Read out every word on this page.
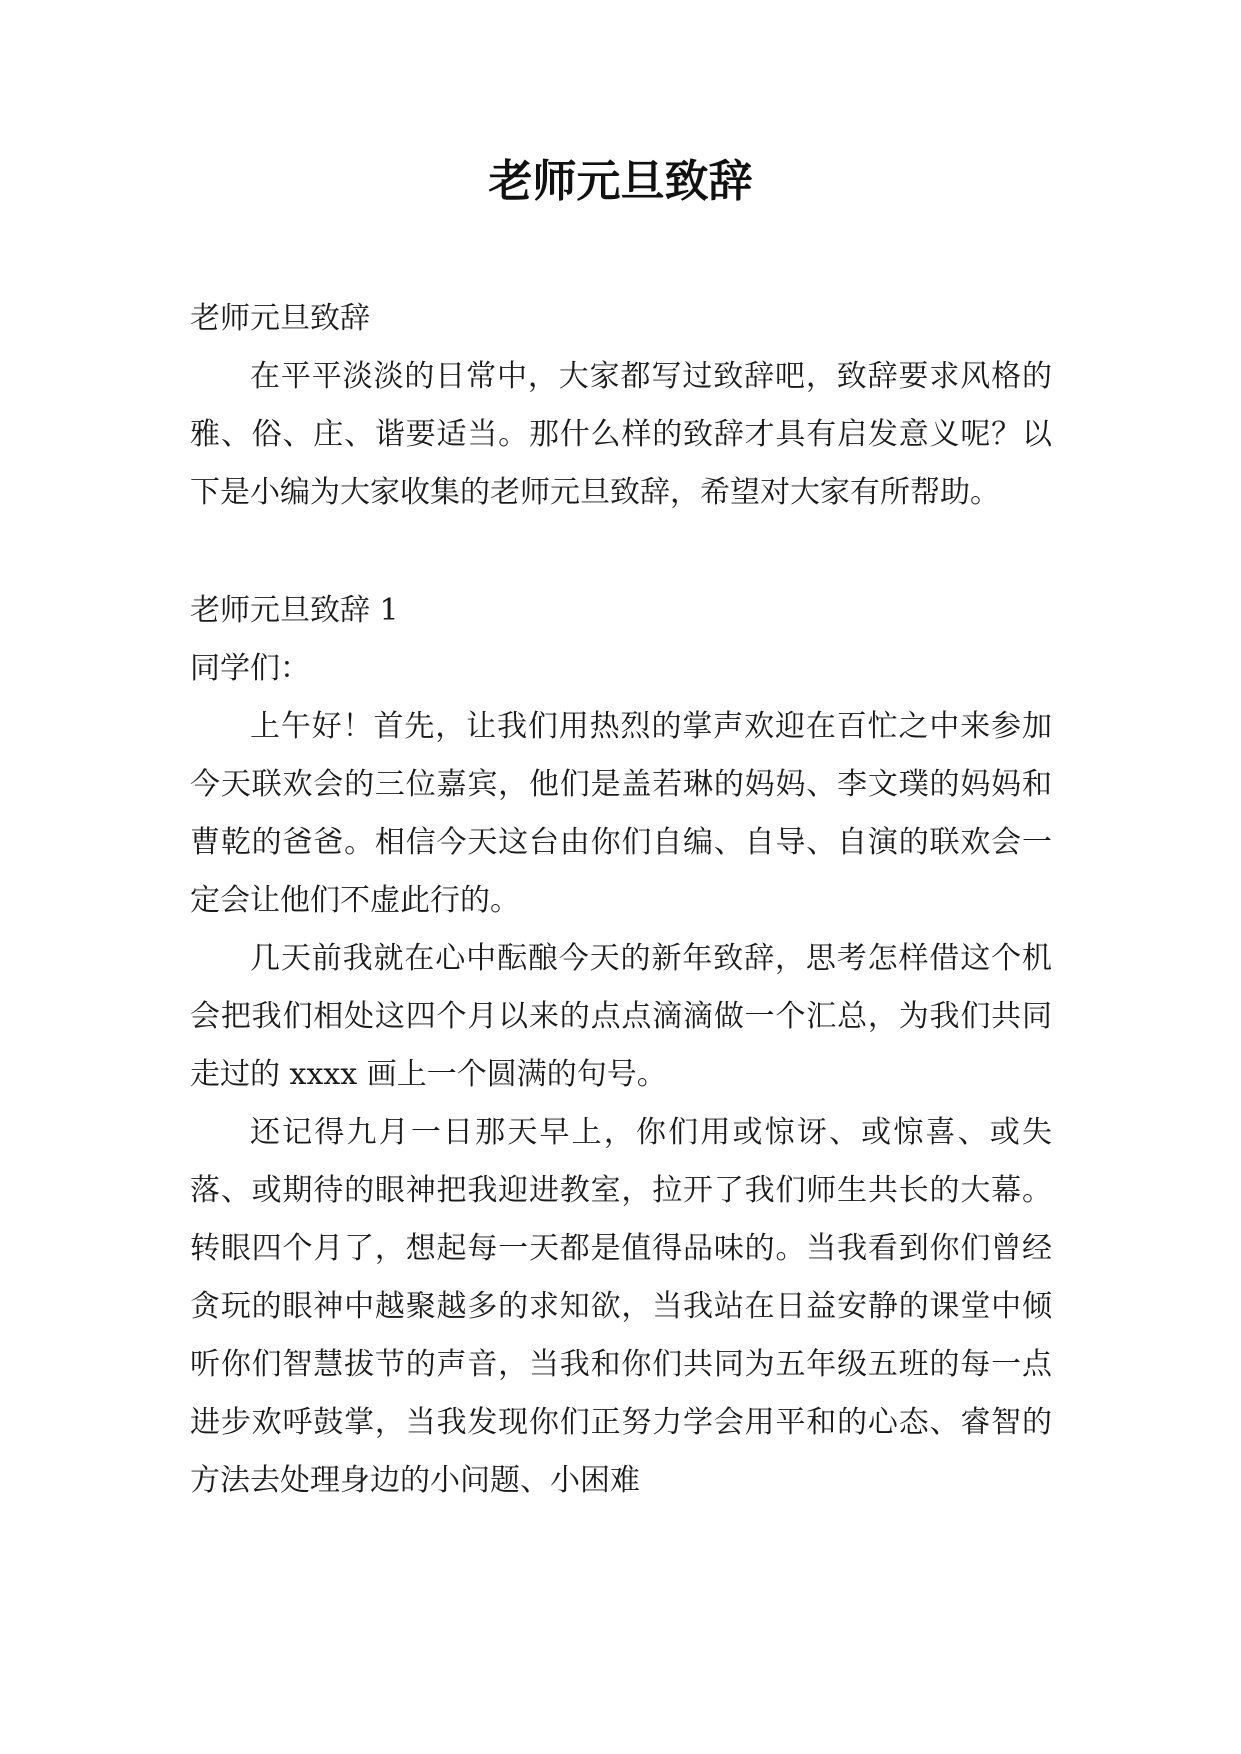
老师元旦致辞

老师元旦致辞

在平平淡淡的日常中，大家都写过致辞吧，致辞要求风格的雅、俗、庄、谐要适当。那什么样的致辞才具有启发意义呢？以下是小编为大家收集的老师元旦致辞，希望对大家有所帮助。

老师元旦致辞 1

同学们：

上午好！首先，让我们用热烈的掌声欢迎在百忙之中来参加今天联欢会的三位嘉宾，他们是盖若琳的妈妈、李文璞的妈妈和曹乾的爸爸。相信今天这台由你们自编、自导、自演的联欢会一定会让他们不虚此行的。

几天前我就在心中酝酿今天的新年致辞，思考怎样借这个机会把我们相处这四个月以来的点点滴滴做一个汇总，为我们共同走过的 xxxx 画上一个圆满的句号。

还记得九月一日那天早上，你们用或惊讶、或惊喜、或失落、或期待的眼神把我迎进教室，拉开了我们师生共长的大幕。转眼四个月了，想起每一天都是值得品味的。当我看到你们曾经贪玩的眼神中越聚越多的求知欲，当我站在日益安静的课堂中倾听你们智慧拔节的声音，当我和你们共同为五年级五班的每一点进步欢呼鼓掌，当我发现你们正努力学会用平和的心态、睿智的方法去处理身边的小问题、小困难
